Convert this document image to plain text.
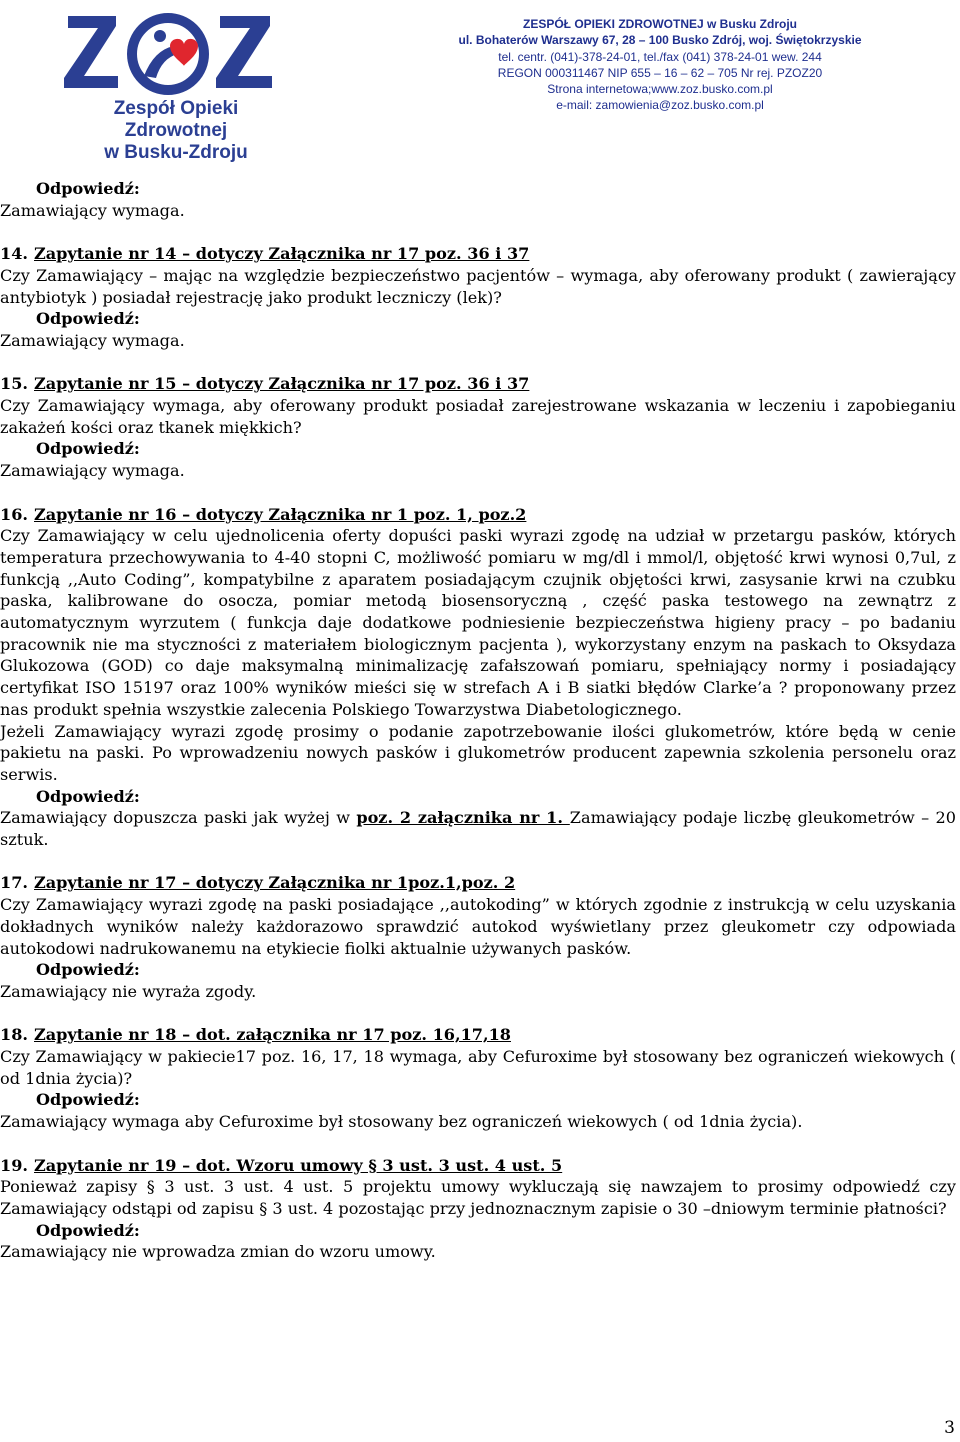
Zespół Opieki Zdrowotnej
w Busku-Zdroju
ZESPÓŁ OPIEKI ZDROWOTNEJ w Busku Zdroju
ul. Bohaterów Warszawy 67, 28 – 100 Busko Zdrój, woj. Świętokrzyskie
tel. centr. (041)-378-24-01, tel./fax (041) 378-24-01 wew. 244
REGON 000311467 NIP 655 – 16 – 62 – 705 Nr rej. PZOZ20
Strona internetowa;www.zoz.busko.com.pl
e-mail: zamowienia@zoz.busko.com.pl

Odpowiedź:

Zamawiający wymaga.

14. Zapytanie nr 14 – dotyczy Załącznika nr 17 poz. 36 i 37

Czy Zamawiający – mając na względzie bezpieczeństwo pacjentów – wymaga, aby oferowany produkt ( zawierający antybiotyk ) posiadał rejestrację jako produkt leczniczy (lek)?

Odpowiedź:

Zamawiający wymaga.

15. Zapytanie nr 15 – dotyczy Załącznika nr 17 poz. 36 i 37

Czy Zamawiający wymaga, aby oferowany produkt posiadał zarejestrowane wskazania w leczeniu i zapobieganiu zakażeń kości oraz tkanek miękkich?

Odpowiedź:

Zamawiający wymaga.

16. Zapytanie nr 16 – dotyczy Załącznika nr 1 poz. 1, poz.2

Czy Zamawiający w celu ujednolicenia oferty dopuści paski wyrazi zgodę na udział w przetargu pasków, których temperatura przechowywania to 4-40 stopni C, możliwość pomiaru w mg/dl i mmol/l, objętość krwi wynosi 0,7ul, z funkcją ,,Auto Coding”, kompatybilne z aparatem posiadającym czujnik objętości krwi, zasysanie krwi na czubku paska, kalibrowane do osocza, pomiar metodą biosensoryczną , część paska testowego na zewnątrz z automatycznym wyrzutem ( funkcja daje dodatkowe podniesienie bezpieczeństwa higieny pracy – po badaniu pracownik nie ma styczności z materiałem biologicznym pacjenta ), wykorzystany enzym na paskach to Oksydaza Glukozowa (GOD) co daje maksymalną minimalizację zafałszowań pomiaru, spełniający normy i posiadający certyfikat ISO 15197 oraz 100% wyników mieści się w strefach A i B siatki błędów Clarke’a ? proponowany przez nas produkt spełnia wszystkie zalecenia Polskiego Towarzystwa Diabetologicznego.

Jeżeli Zamawiający wyrazi zgodę prosimy o podanie zapotrzebowanie ilości glukometrów, które będą w cenie pakietu na paski. Po wprowadzeniu nowych pasków i glukometrów producent zapewnia szkolenia personelu oraz serwis.

Odpowiedź:

Zamawiający dopuszcza paski jak wyżej w poz. 2 załącznika nr 1. Zamawiający podaje liczbę gleukometrów – 20 sztuk.

17. Zapytanie nr 17 – dotyczy Załącznika nr 1poz.1,poz. 2

Czy Zamawiający wyrazi zgodę na paski posiadające ,,autokoding” w których zgodnie z instrukcją w celu uzyskania dokładnych wyników należy każdorazowo sprawdzić autokod wyświetlany przez gleukometr czy odpowiada autokodowi nadrukowanemu na etykiecie fiolki aktualnie używanych pasków.

Odpowiedź:

Zamawiający nie wyraża zgody.

18. Zapytanie nr 18 – dot. załącznika nr 17 poz. 16,17,18

Czy Zamawiający w pakiecie17 poz. 16, 17, 18 wymaga, aby Cefuroxime był stosowany bez ograniczeń wiekowych ( od 1dnia życia)?

Odpowiedź:

Zamawiający wymaga aby Cefuroxime był stosowany bez ograniczeń wiekowych ( od 1dnia życia).

19. Zapytanie nr 19 – dot. Wzoru umowy § 3 ust. 3 ust. 4 ust. 5

Ponieważ zapisy § 3 ust. 3 ust. 4 ust. 5 projektu umowy wykluczają się nawzajem to prosimy odpowiedź czy Zamawiający odstąpi od zapisu § 3 ust. 4 pozostając przy jednoznacznym zapisie o 30 –dniowym terminie płatności?

Odpowiedź:

Zamawiający nie wprowadza zmian do wzoru umowy.

3
